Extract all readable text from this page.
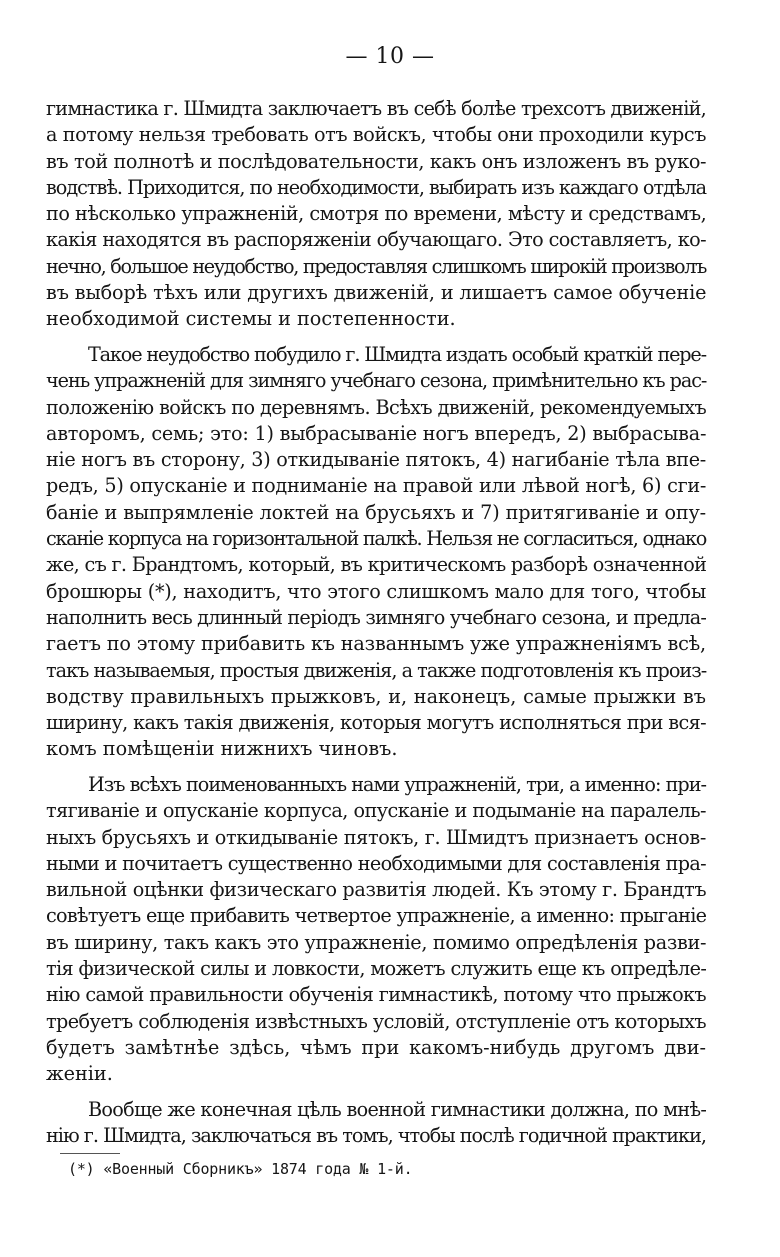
— 10 —
гимнастика г. Шмидта заключаетъ въ себѣ болѣе трехсотъ движеній,
а потому нельзя требовать отъ войскъ, чтобы они проходили курсъ
въ той полнотѣ и послѣдовательности, какъ онъ изложенъ въ руко-
водствѣ. Приходится, по необходимости, выбирать изъ каждаго отдѣла
по нѣсколько упражненій, смотря по времени, мѣсту и средствамъ,
какія находятся въ распоряженіи обучающаго. Это составляетъ, ко-
нечно, большое неудобство, предоставляя слишкомъ широкій произволъ
въ выборѣ тѣхъ или другихъ движеній, и лишаетъ самое обученіе
необходимой системы и постепенности.
Такое неудобство побудило г. Шмидта издать особый краткій пере-
чень упражненій для зимняго учебнаго сезона, примѣнительно къ рас-
положенію войскъ по деревнямъ. Всѣхъ движеній, рекомендуемыхъ
авторомъ, семь; это: 1) выбрасываніе ногъ впередъ, 2) выбрасыва-
ніе ногъ въ сторону, 3) откидываніе пятокъ, 4) нагибаніе тѣла впе-
редъ, 5) опусканіе и подниманіе на правой или лѣвой ногѣ, 6) сги-
баніе и выпрямленіе локтей на брусьяхъ и 7) притягиваніе и опу-
сканіе корпуса на горизонтальной палкѣ. Нельзя не согласиться, однако
же, съ г. Брандтомъ, который, въ критическомъ разборѣ означенной
брошюры (*), находитъ, что этого слишкомъ мало для того, чтобы
наполнить весь длинный періодъ зимняго учебнаго сезона, и предла-
гаетъ по этому прибавить къ названнымъ уже упражненіямъ всѣ,
такъ называемыя, простыя движенія, а также подготовленія къ произ-
водству правильныхъ прыжковъ, и, наконецъ, самые прыжки въ
ширину, какъ такія движенія, которыя могутъ исполняться при вся-
комъ помѣщеніи нижнихъ чиновъ.
Изъ всѣхъ поименованныхъ нами упражненій, три, а именно: при-
тягиваніе и опусканіе корпуса, опусканіе и подыманіе на паралель-
ныхъ брусьяхъ и откидываніе пятокъ, г. Шмидтъ признаетъ основ-
ными и почитаетъ существенно необходимыми для составленія пра-
вильной оцѣнки физическаго развитія людей. Къ этому г. Брандтъ
совѣтуетъ еще прибавить четвертое упражненіе, а именно: прыганіе
въ ширину, такъ какъ это упражненіе, помимо опредѣленія разви-
тія физической силы и ловкости, можетъ служить еще къ опредѣле-
нію самой правильности обученія гимнастикѣ, потому что прыжокъ
требуетъ соблюденія извѣстныхъ условій, отступленіе отъ которыхъ
будетъ замѣтнѣе здѣсь, чѣмъ при какомъ-нибудь другомъ дви-
женіи.
Вообще же конечная цѣль военной гимнастики должна, по мнѣ-
нію г. Шмидта, заключаться въ томъ, чтобы послѣ годичной практики,
(*) «Военный Сборникъ» 1874 года № 1-й.
